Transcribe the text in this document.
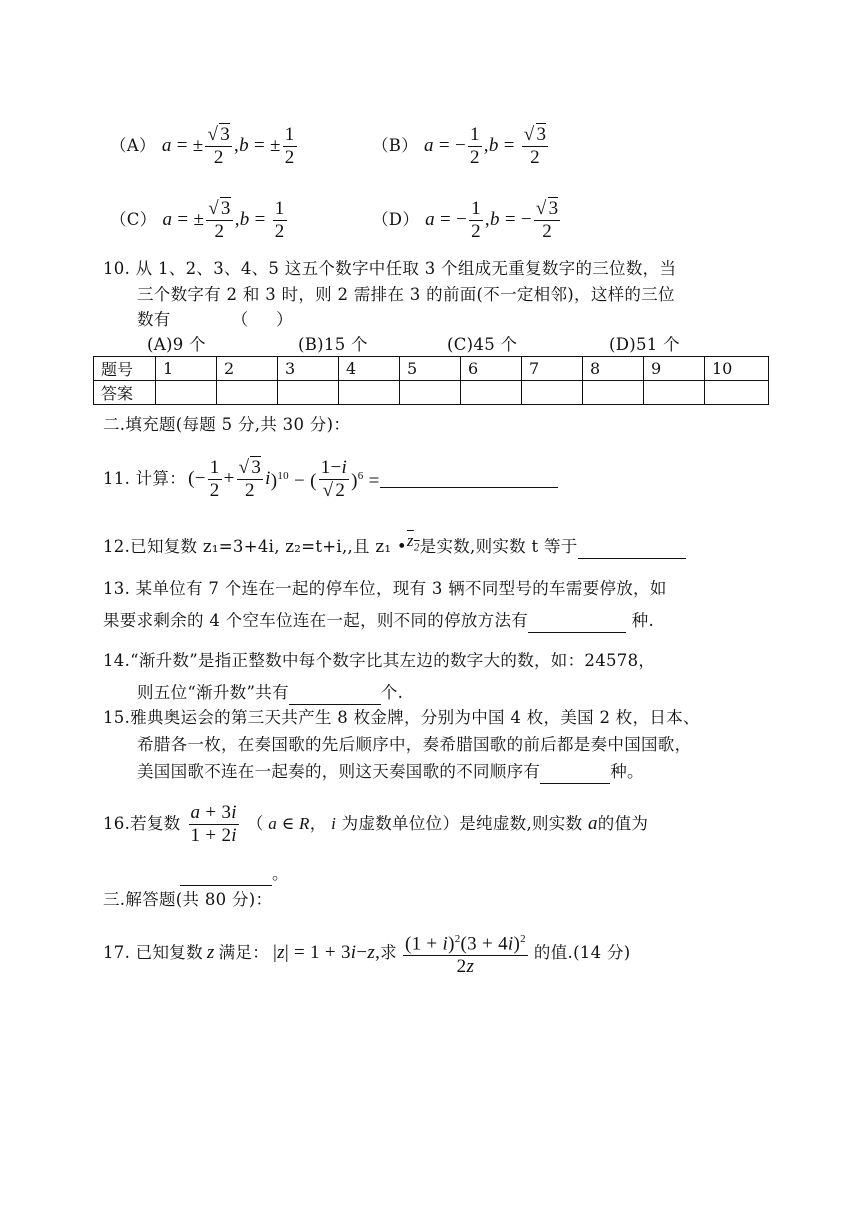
（A） a = ± $\frac{√ 3}{2}$ , b = ± $\frac{1}{2}$	（B） a = − $\frac{1}{2}$ , $b = \frac{√ 3}{2}$
（C） a = ± $\frac{√ 3}{2}$ , $b = \frac{1}{2}$	（D） a = − $\frac{1}{2}$ , b = − $\frac{√ 3}{2}$
10. 从 1、2、3、4、5 这五个数字中任取 3 个组成无重复数字的三位数，当
三个数字有 2 和 3 时，则 2 需排在 3 的前面(不一定相邻)，这样的三位
数有           （     ）
(A)9 个	(B)15 个	(C)45 个	(D)51 个
题号	1	2	3	4	5	6	7	8	9	10
答案										
二.填充题(每题 5 分,共 30 分)：
11. 计算： (− $\frac{1}{2} + \frac{√ 3}{2}$ i )$^{10}$ − ( $\frac{1-i}{√ 2} )^6$ =
12.已知复数 z₁=3+4i, z₂=t+i,,且 z₁ • $z_2$ 是实数,则实数 t 等于
13. 某单位有 7 个连在一起的停车位，现有 3 辆不同型号的车需要停放，如
果要求剩余的 4 个空车位连在一起，则不同的停放方法有	种.
14.“渐升数”是指正整数中每个数字比其左边的数字大的数，如：24578，
则五位“渐升数”共有	个.
15.雅典奥运会的第三天共产生 8 枚金牌，分别为中国 4 枚，美国 2 枚，日本、
希腊各一枚，在奏国歌的先后顺序中，奏希腊国歌的前后都是奏中国国歌，
美国国歌不连在一起奏的，则这天奏国歌的不同顺序有	种。
16.若复数 $\frac{a + 3i}{1 + 2i}$ （ a ∈ R ， i 为虚数单位位）是纯虚数,则实数 a 的值为
。
三.解答题(共 80 分)：
17. 已知复数 z 满足： | z | = 1 + 3 i − z , 求 $\frac{(1 + i)^2(3 + 4i)^2}{2z}$ 的值.(14 分)
